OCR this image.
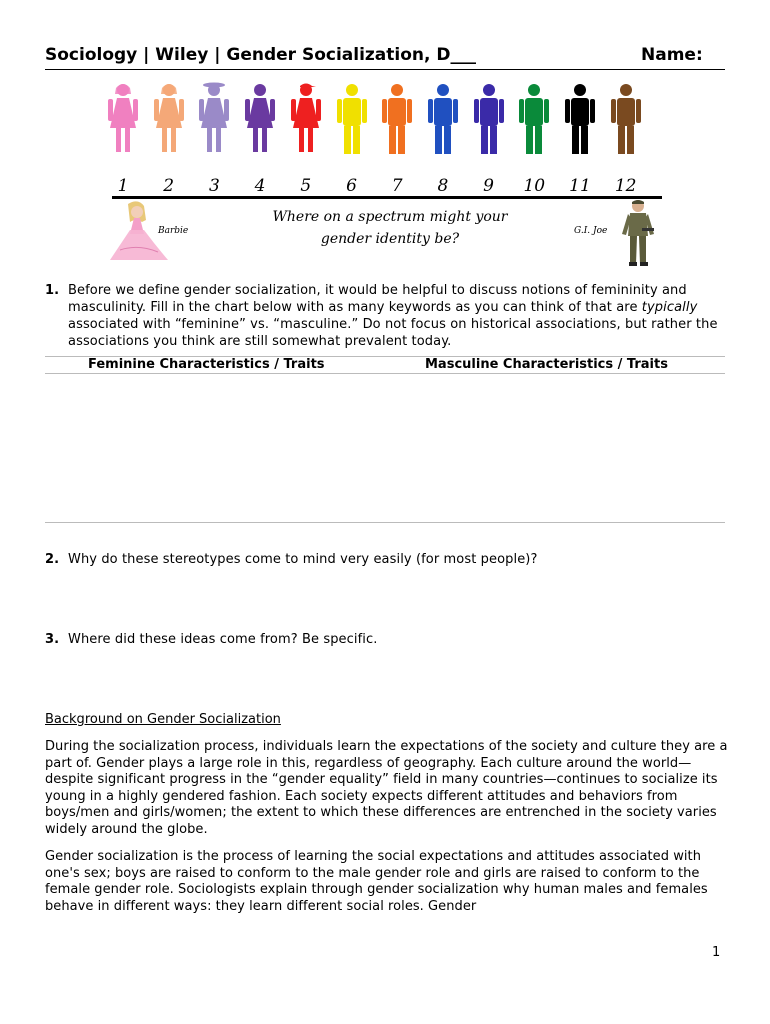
Sociology | Wiley | Gender Socialization, D___	Name:
1	2	3	4	5	6	7	8	9	10 11 12
Barbie
Where on a spectrum might your
gender identity be?	G.I. Joe
1. Before we define gender socialization, it would be helpful to discuss notions of femininity and masculinity. Fill in the chart below with as many keywords as you can think of that are typically associated with “feminine” vs. “masculine.” Do not focus on historical associations, but rather the associations you think are still somewhat prevalent today.
Feminine Characteristics / Traits	Masculine Characteristics / Traits
2. Why do these stereotypes come to mind very easily (for most people)?
3. Where did these ideas come from? Be specific.
Background on Gender Socialization
During the socialization process, individuals learn the expectations of the society and culture they are a part of. Gender plays a large role in this, regardless of geography. Each culture around the world—despite significant progress in the “gender equality” field in many countries—continues to socialize its young in a highly gendered fashion. Each society expects different attitudes and behaviors from boys/men and girls/women; the extent to which these differences are entrenched in the society varies widely around the globe.
Gender socialization is the process of learning the social expectations and attitudes associated with one's sex; boys are raised to conform to the male gender role and girls are raised to conform to the female gender role. Sociologists explain through gender socialization why human males and females behave in different ways: they learn different social roles. Gender
1
